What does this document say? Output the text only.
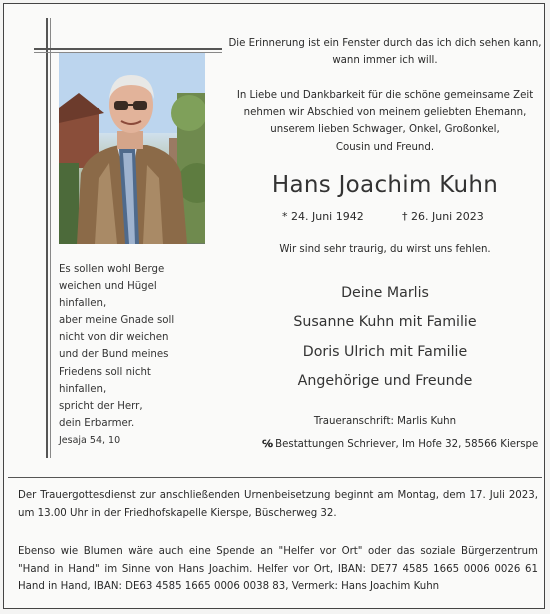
Es sollen wohl Berge
weichen und Hügel
hinfallen,
aber meine Gnade soll
nicht von dir weichen
und der Bund meines
Friedens soll nicht
hinfallen,
spricht der Herr,
dein Erbarmer.
Jesaja 54, 10
Die Erinnerung ist ein Fenster durch das ich dich sehen kann,
wann immer ich will.
In Liebe und Dankbarkeit für die schöne gemeinsame Zeit
nehmen wir Abschied von meinem geliebten Ehemann,
unserem lieben Schwager, Onkel, Großonkel,
Cousin und Freund.
Hans Joachim Kuhn
* 24. Juni 1942	† 26. Juni 2023
Wir sind sehr traurig, du wirst uns fehlen.
Deine Marlis
Susanne Kuhn mit Familie
Doris Ulrich mit Familie
Angehörige und Freunde
Traueranschrift: Marlis Kuhn
℅ Bestattungen Schriever, Im Hofe 32, 58566 Kierspe
Der Trauergottesdienst zur anschließenden Urnenbeisetzung beginnt am Montag, dem 17. Juli 2023,
um 13.00 Uhr in der Friedhofskapelle Kierspe, Büscherweg 32.
Ebenso wie Blumen wäre auch eine Spende an "Helfer vor Ort" oder das soziale Bürgerzentrum
"Hand in Hand" im Sinne von Hans Joachim. Helfer vor Ort, IBAN: DE77 4585 1665 0006 0026 61
Hand in Hand, IBAN: DE63 4585 1665 0006 0038 83, Vermerk: Hans Joachim Kuhn
